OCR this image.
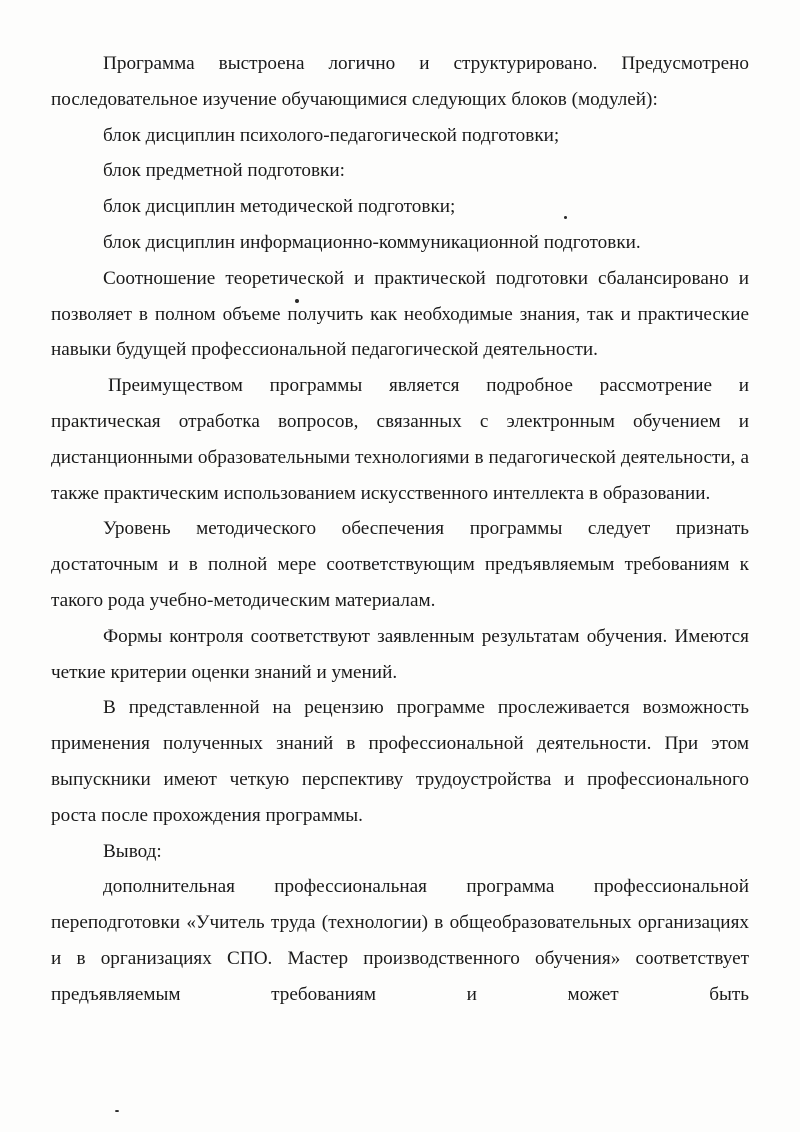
Программа выстроена логично и структурировано. Предусмотрено последовательное изучение обучающимися следующих блоков (модулей):

блок дисциплин психолого-педагогической подготовки;

блок предметной подготовки:

блок дисциплин методической подготовки;

блок дисциплин информационно-коммуникационной подготовки.

Соотношение теоретической и практической подготовки сбалансировано и позволяет в полном объеме получить как необходимые знания, так и практические навыки будущей профессиональной педагогической деятельности.

Преимуществом программы является подробное рассмотрение и практическая отработка вопросов, связанных с электронным обучением и дистанционными образовательными технологиями в педагогической деятельности, а также практическим использованием искусственного интеллекта в образовании.

Уровень методического обеспечения программы следует признать достаточным и в полной мере соответствующим предъявляемым требованиям к такого рода учебно-методическим материалам.

Формы контроля соответствуют заявленным результатам обучения. Имеются четкие критерии оценки знаний и умений.

В представленной на рецензию программе прослеживается возможность применения полученных знаний в профессиональной деятельности. При этом выпускники имеют четкую перспективу трудоустройства и профессионального роста после прохождения программы.

Вывод:

дополнительная профессиональная программа профессиональной переподготовки «Учитель труда (технологии) в общеобразовательных организациях и в организациях СПО. Мастер производственного обучения» соответствует предъявляемым требованиям и может быть
